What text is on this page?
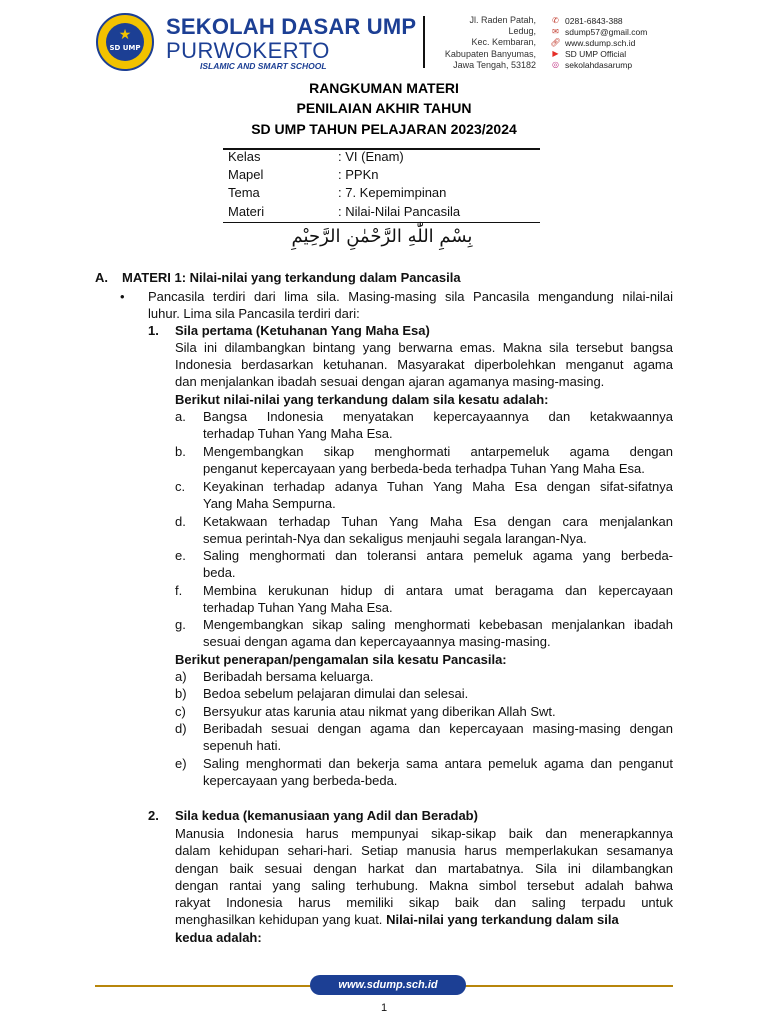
★
SD UMP
SEKOLAH DASAR UMP
PURWOKERTO
ISLAMIC AND SMART SCHOOL
Jl. Raden Patah,
Ledug,
Kec. Kembaran,
Kabupaten Banyumas,
Jawa Tengah, 53182
✆ 0281-6843-388
✉ sdump57@gmail.com
🔗︎ www.sdump.sch.id
▶ SD UMP Official
◎ sekolahdasarump
RANGKUMAN MATERI
PENILAIAN AKHIR TAHUN
SD UMP TAHUN PELAJARAN 2023/2024
Kelas	: VI (Enam)
Mapel	: PPKn
Tema	: 7. Kepemimpinan
Materi	: Nilai-Nilai Pancasila
بِسْمِ اللّٰهِ الرَّحْمٰنِ الرَّحِيْمِ
A. MATERI 1: Nilai-nilai yang terkandung dalam Pancasila
• Pancasila terdiri dari lima sila. Masing-masing sila Pancasila mengandung nilai-nilai
luhur. Lima sila Pancasila terdiri dari:
1. Sila pertama (Ketuhanan Yang Maha Esa)
Sila ini dilambangkan bintang yang berwarna emas. Makna sila tersebut bangsa
Indonesia berdasarkan ketuhanan. Masyarakat diperbolehkan menganut agama
dan menjalankan ibadah sesuai dengan ajaran agamanya masing-masing.
Berikut nilai-nilai yang terkandung dalam sila kesatu adalah:
a. Bangsa Indonesia menyatakan kepercayaannya dan ketakwaannya
terhadap Tuhan Yang Maha Esa.
b. Mengembangkan sikap menghormati antarpemeluk agama dengan
penganut kepercayaan yang berbeda-beda terhadpa Tuhan Yang Maha Esa.
c. Keyakinan terhadap adanya Tuhan Yang Maha Esa dengan sifat-sifatnya
Yang Maha Sempurna.
d. Ketakwaan terhadap Tuhan Yang Maha Esa dengan cara menjalankan
semua perintah-Nya dan sekaligus menjauhi segala larangan-Nya.
e. Saling menghormati dan toleransi antara pemeluk agama yang berbeda-
beda.
f. Membina kerukunan hidup di antara umat beragama dan kepercayaan
terhadap Tuhan Yang Maha Esa.
g. Mengembangkan sikap saling menghormati kebebasan menjalankan ibadah
sesuai dengan agama dan kepercayaannya masing-masing.
Berikut penerapan/pengamalan sila kesatu Pancasila:
a) Beribadah bersama keluarga.
b) Bedoa sebelum pelajaran dimulai dan selesai.
c) Bersyukur atas karunia atau nikmat yang diberikan Allah Swt.
d) Beribadah sesuai dengan agama dan kepercayaan masing-masing dengan
sepenuh hati.
e) Saling menghormati dan bekerja sama antara pemeluk agama dan penganut
kepercayaan yang berbeda-beda.
2. Sila kedua (kemanusiaan yang Adil dan Beradab)
Manusia Indonesia harus mempunyai sikap-sikap baik dan menerapkannya
dalam kehidupan sehari-hari. Setiap manusia harus memperlakukan sesamanya
dengan baik sesuai dengan harkat dan martabatnya. Sila ini dilambangkan
dengan rantai yang saling terhubung. Makna simbol tersebut adalah bahwa
rakyat Indonesia harus memiliki sikap baik dan saling terpadu untuk
menghasilkan kehidupan yang kuat. Nilai-nilai yang terkandung dalam sila
kedua adalah:
www.sdump.sch.id
1
